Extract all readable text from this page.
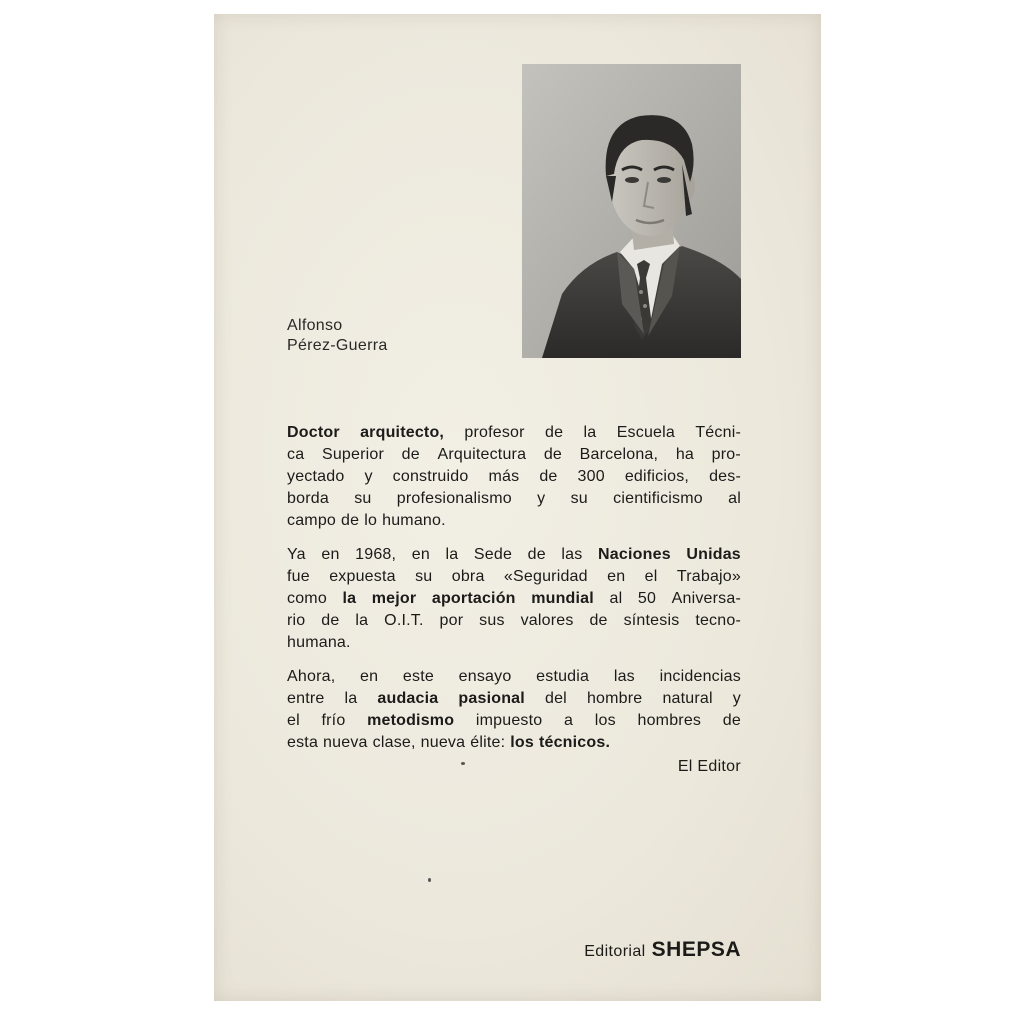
Alfonso
Pérez-Guerra
Doctor arquitecto, profesor de la Escuela Técni-
ca Superior de Arquitectura de Barcelona, ha pro-
yectado y construido más de 300 edificios, des-
borda su profesionalismo y su cientificismo al
campo de lo humano.
Ya en 1968, en la Sede de las Naciones Unidas
fue expuesta su obra «Seguridad en el Trabajo»
como la mejor aportación mundial al 50 Aniversa-
rio de la O.I.T. por sus valores de síntesis tecno-
humana.
Ahora, en este ensayo estudia las incidencias
entre la audacia pasional del hombre natural y
el frío metodismo impuesto a los hombres de
esta nueva clase, nueva élite: los técnicos.
El Editor
Editorial SHEPSA
